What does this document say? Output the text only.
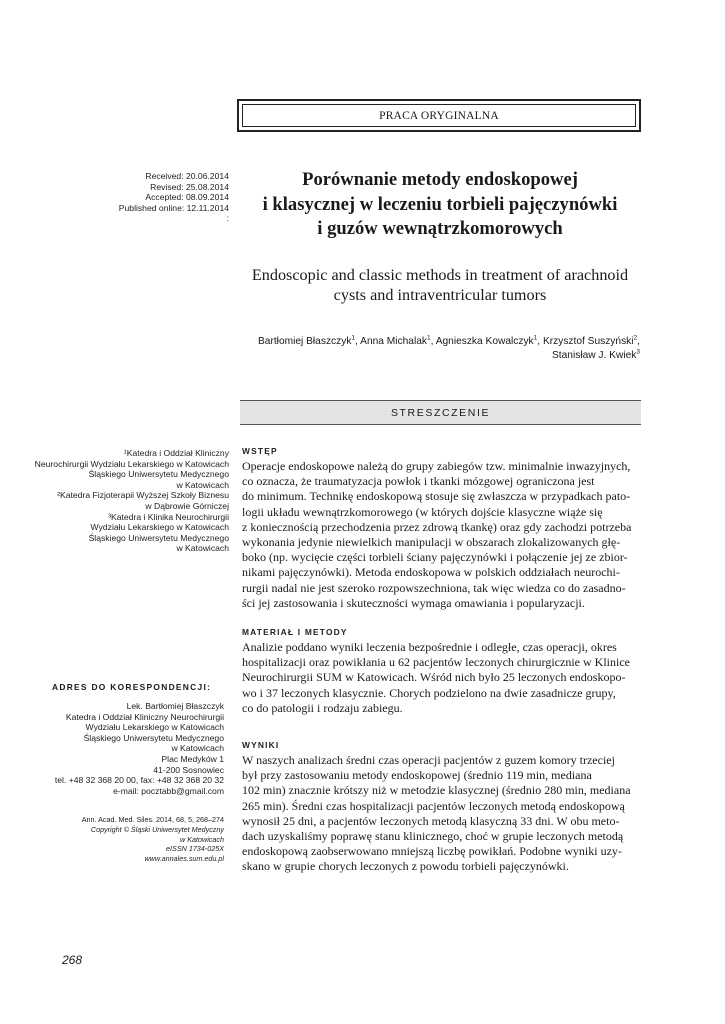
PRACA ORYGINALNA
Received: 20.06.2014
Revised: 25.08.2014
Accepted: 08.09.2014
Published online: 12.11.2014
:
Porównanie metody endoskopowej
i klasycznej w leczeniu torbieli pajęczynówki
i guzów wewnątrzkomorowych
Endoscopic and classic methods in treatment of arachnoid
cysts and intraventricular tumors
Bartłomiej Błaszczyk$^1$, Anna Michalak$^1$, Agnieszka Kowalczyk$^1$, Krzysztof Suszyński$^2$,
Stanisław J. Kwiek$^3$
STRESZCZENIE
WSTĘP
Operacje endoskopowe należą do grupy zabiegów tzw. minimalnie inwazyjnych,
co oznacza, że traumatyzacja powłok i tkanki mózgowej ograniczona jest
do minimum. Technikę endoskopową stosuje się zwłaszcza w przypadkach pato-
logii układu wewnątrzkomorowego (w których dojście klasyczne wiąże się
z koniecznością przechodzenia przez zdrową tkankę) oraz gdy zachodzi potrzeba
wykonania jedynie niewielkich manipulacji w obszarach zlokalizowanych głę-
boko (np. wycięcie części torbieli ściany pajęczynówki i połączenie jej ze zbior-
nikami pajęczynówki). Metoda endoskopowa w polskich oddziałach neurochi-
rurgii nadal nie jest szeroko rozpowszechniona, tak więc wiedza co do zasadno-
ści jej zastosowania i skuteczności wymaga omawiania i popularyzacji.
MATERIAŁ I METODY
Analizie poddano wyniki leczenia bezpośrednie i odległe, czas operacji, okres
hospitalizacji oraz powikłania u 62 pacjentów leczonych chirurgicznie w Klinice
Neurochirurgii SUM w Katowicach. Wśród nich było 25 leczonych endoskopo-
wo i 37 leczonych klasycznie. Chorych podzielono na dwie zasadnicze grupy,
co do patologii i rodzaju zabiegu.
WYNIKI
W naszych analizach średni czas operacji pacjentów z guzem komory trzeciej
był przy zastosowaniu metody endoskopowej (średnio 119 min, mediana
102 min) znacznie krótszy niż w metodzie klasycznej (średnio 280 min, mediana
265 min). Średni czas hospitalizacji pacjentów leczonych metodą endoskopową
wynosił 25 dni, a pacjentów leczonych metodą klasyczną 33 dni. W obu meto-
dach uzyskaliśmy poprawę stanu klinicznego, choć w grupie leczonych metodą
endoskopową zaobserwowano mniejszą liczbę powikłań. Podobne wyniki uzy-
skano w grupie chorych leczonych z powodu torbieli pajęczynówki.
¹Katedra i Oddział Kliniczny
Neurochirurgii Wydziału Lekarskiego w Katowicach
Śląskiego Uniwersytetu Medycznego
w Katowicach
²Katedra Fizjoterapii Wyższej Szkoły Biznesu
w Dąbrowie Górniczej
³Katedra i Klinika Neurochirurgii
Wydziału Lekarskiego w Katowicach
Śląskiego Uniwersytetu Medycznego
w Katowicach
ADRES DO KORESPONDENCJI:
Lek. Bartłomiej Błaszczyk
Katedra i Oddział Kliniczny Neurochirurgii
Wydziału Lekarskiego w Katowicach
Śląskiego Uniwersytetu Medycznego
w Katowicach
Plac Medyków 1
41-200 Sosnowiec
tel. +48 32 368 20 00, fax: +48 32 368 20 32
e-mail: pocztabb@gmail.com
Ann. Acad. Med. Siles. 2014, 68, 5, 268–274
Copyright © Śląski Uniwersytet Medyczny
w Katowicach
eISSN 1734-025X
www.annales.sum.edu.pl
268
